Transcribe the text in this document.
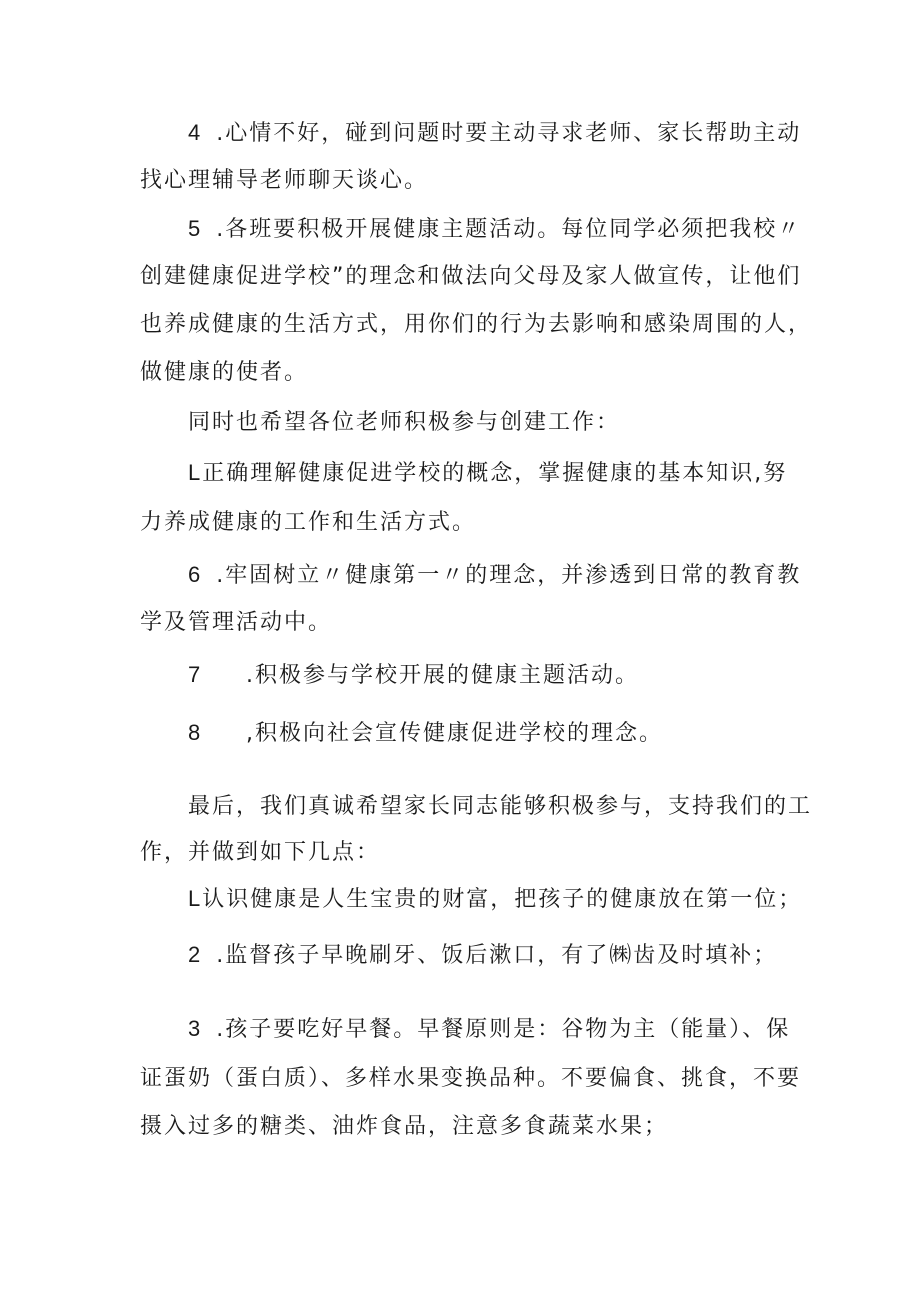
4 .心情不好，碰到问题时要主动寻求老师、家长帮助主动
找心理辅导老师聊天谈心。
5 .各班要积极开展健康主题活动。每位同学必须把我校〃
创建健康促进学校”的理念和做法向父母及家人做宣传，让他们
也养成健康的生活方式，用你们的行为去影响和感染周围的人，
做健康的使者。
同时也希望各位老师积极参与创建工作：
L正确理解健康促进学校的概念，掌握健康的基本知识,努
力养成健康的工作和生活方式。
6 .牢固树立〃健康第一〃的理念，并渗透到日常的教育教
学及管理活动中。
7 .积极参与学校开展的健康主题活动。
8 ,积极向社会宣传健康促进学校的理念。
最后，我们真诚希望家长同志能够积极参与，支持我们的工
作，并做到如下几点：
L认识健康是人生宝贵的财富，把孩子的健康放在第一位；
2 .监督孩子早晚刷牙、饭后漱口，有了㈱齿及时填补；
3 .孩子要吃好早餐。早餐原则是：谷物为主（能量）、保
证蛋奶（蛋白质）、多样水果变换品种。不要偏食、挑食，不要
摄入过多的糖类、油炸食品，注意多食蔬菜水果；
